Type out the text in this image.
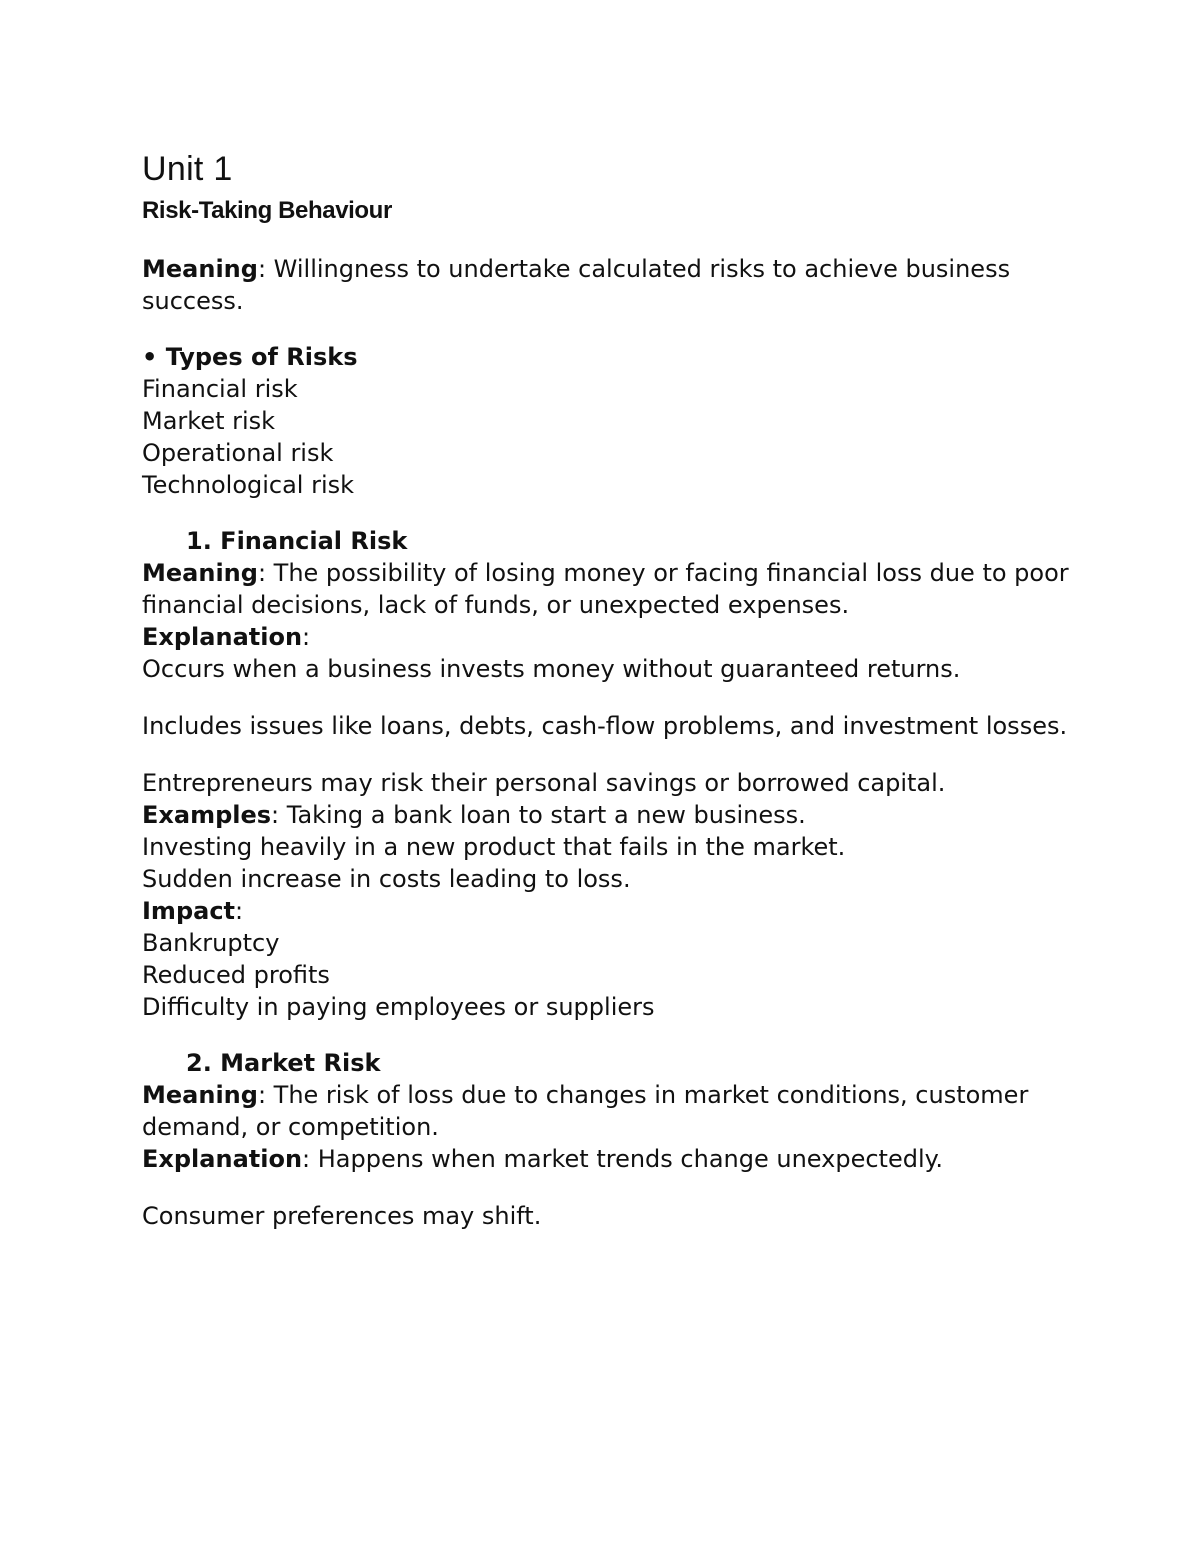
Unit 1
Risk-Taking Behaviour

Meaning: Willingness to undertake calculated risks to achieve business success.

• Types of Risks

Financial risk
Market risk
Operational risk
Technological risk

1. Financial Risk

Meaning: The possibility of losing money or facing financial loss due to poor financial decisions, lack of funds, or unexpected expenses.

Explanation:

Occurs when a business invests money without guaranteed returns.

Includes issues like loans, debts, cash-flow problems, and investment losses.

Entrepreneurs may risk their personal savings or borrowed capital.

Examples: Taking a bank loan to start a new business.

Investing heavily in a new product that fails in the market.

Sudden increase in costs leading to loss.

Impact:

Bankruptcy
Reduced profits
Difficulty in paying employees or suppliers

2. Market Risk

Meaning: The risk of loss due to changes in market conditions, customer demand, or competition.

Explanation: Happens when market trends change unexpectedly.

Consumer preferences may shift.
